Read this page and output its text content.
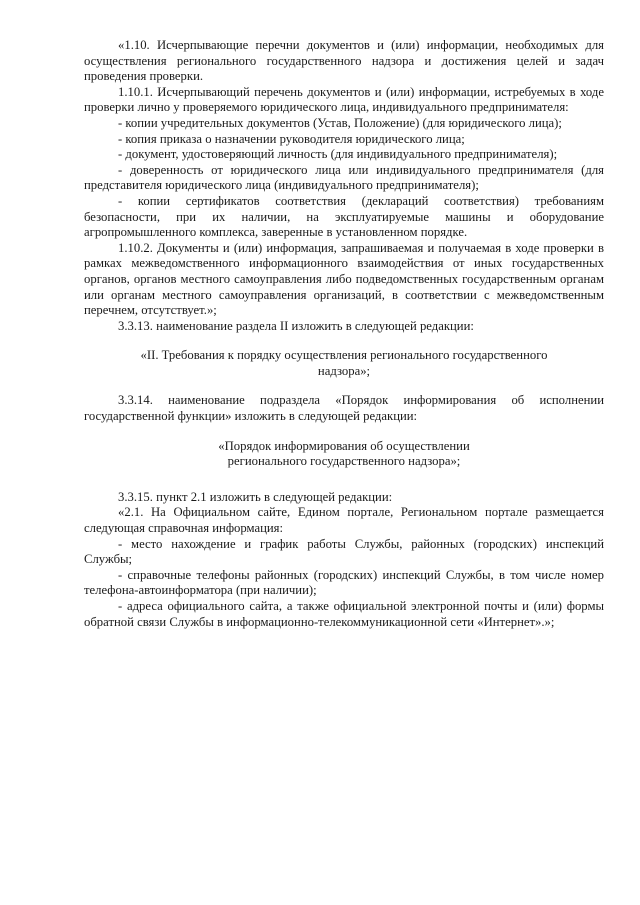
«1.10. Исчерпывающие перечни документов и (или) информации, необходимых для осуществления регионального государственного надзора и достижения целей и задач проведения проверки.

1.10.1. Исчерпывающий перечень документов и (или) информации, истребуемых в ходе проверки лично у проверяемого юридического лица, индивидуального предпринимателя:

- копии учредительных документов (Устав, Положение) (для юридического лица);

- копия приказа о назначении руководителя юридического лица;

- документ, удостоверяющий личность (для индивидуального предпринимателя);

- доверенность от юридического лица или индивидуального предпринимателя (для представителя юридического лица (индивидуального предпринимателя);

- копии сертификатов соответствия (деклараций соответствия) требованиям безопасности, при их наличии, на эксплуатируемые машины и оборудование агропромышленного комплекса, заверенные в установленном порядке.

1.10.2. Документы и (или) информация, запрашиваемая и получаемая в ходе проверки в рамках межведомственного информационного взаимодействия от иных государственных органов, органов местного самоуправления либо подведомственных государственным органам или органам местного самоуправления организаций, в соответствии с межведомственным перечнем, отсутствует.»;

3.3.13. наименование раздела II изложить в следующей редакции:

«II. Требования к порядку осуществления регионального государственного надзора»;

3.3.14. наименование подраздела «Порядок информирования об исполнении государственной функции» изложить в следующей редакции:

«Порядок информирования об осуществлении

регионального государственного надзора»;

3.3.15. пункт 2.1 изложить в следующей редакции:

«2.1. На Официальном сайте, Едином портале, Региональном портале размещается следующая справочная информация:

- место нахождение и график работы Службы, районных (городских) инспекций Службы;

- справочные телефоны районных (городских) инспекций Службы, в том числе номер телефона-автоинформатора (при наличии);

- адреса официального сайта, а также официальной электронной почты и (или) формы обратной связи Службы в информационно-телекоммуникационной сети «Интернет».»;
